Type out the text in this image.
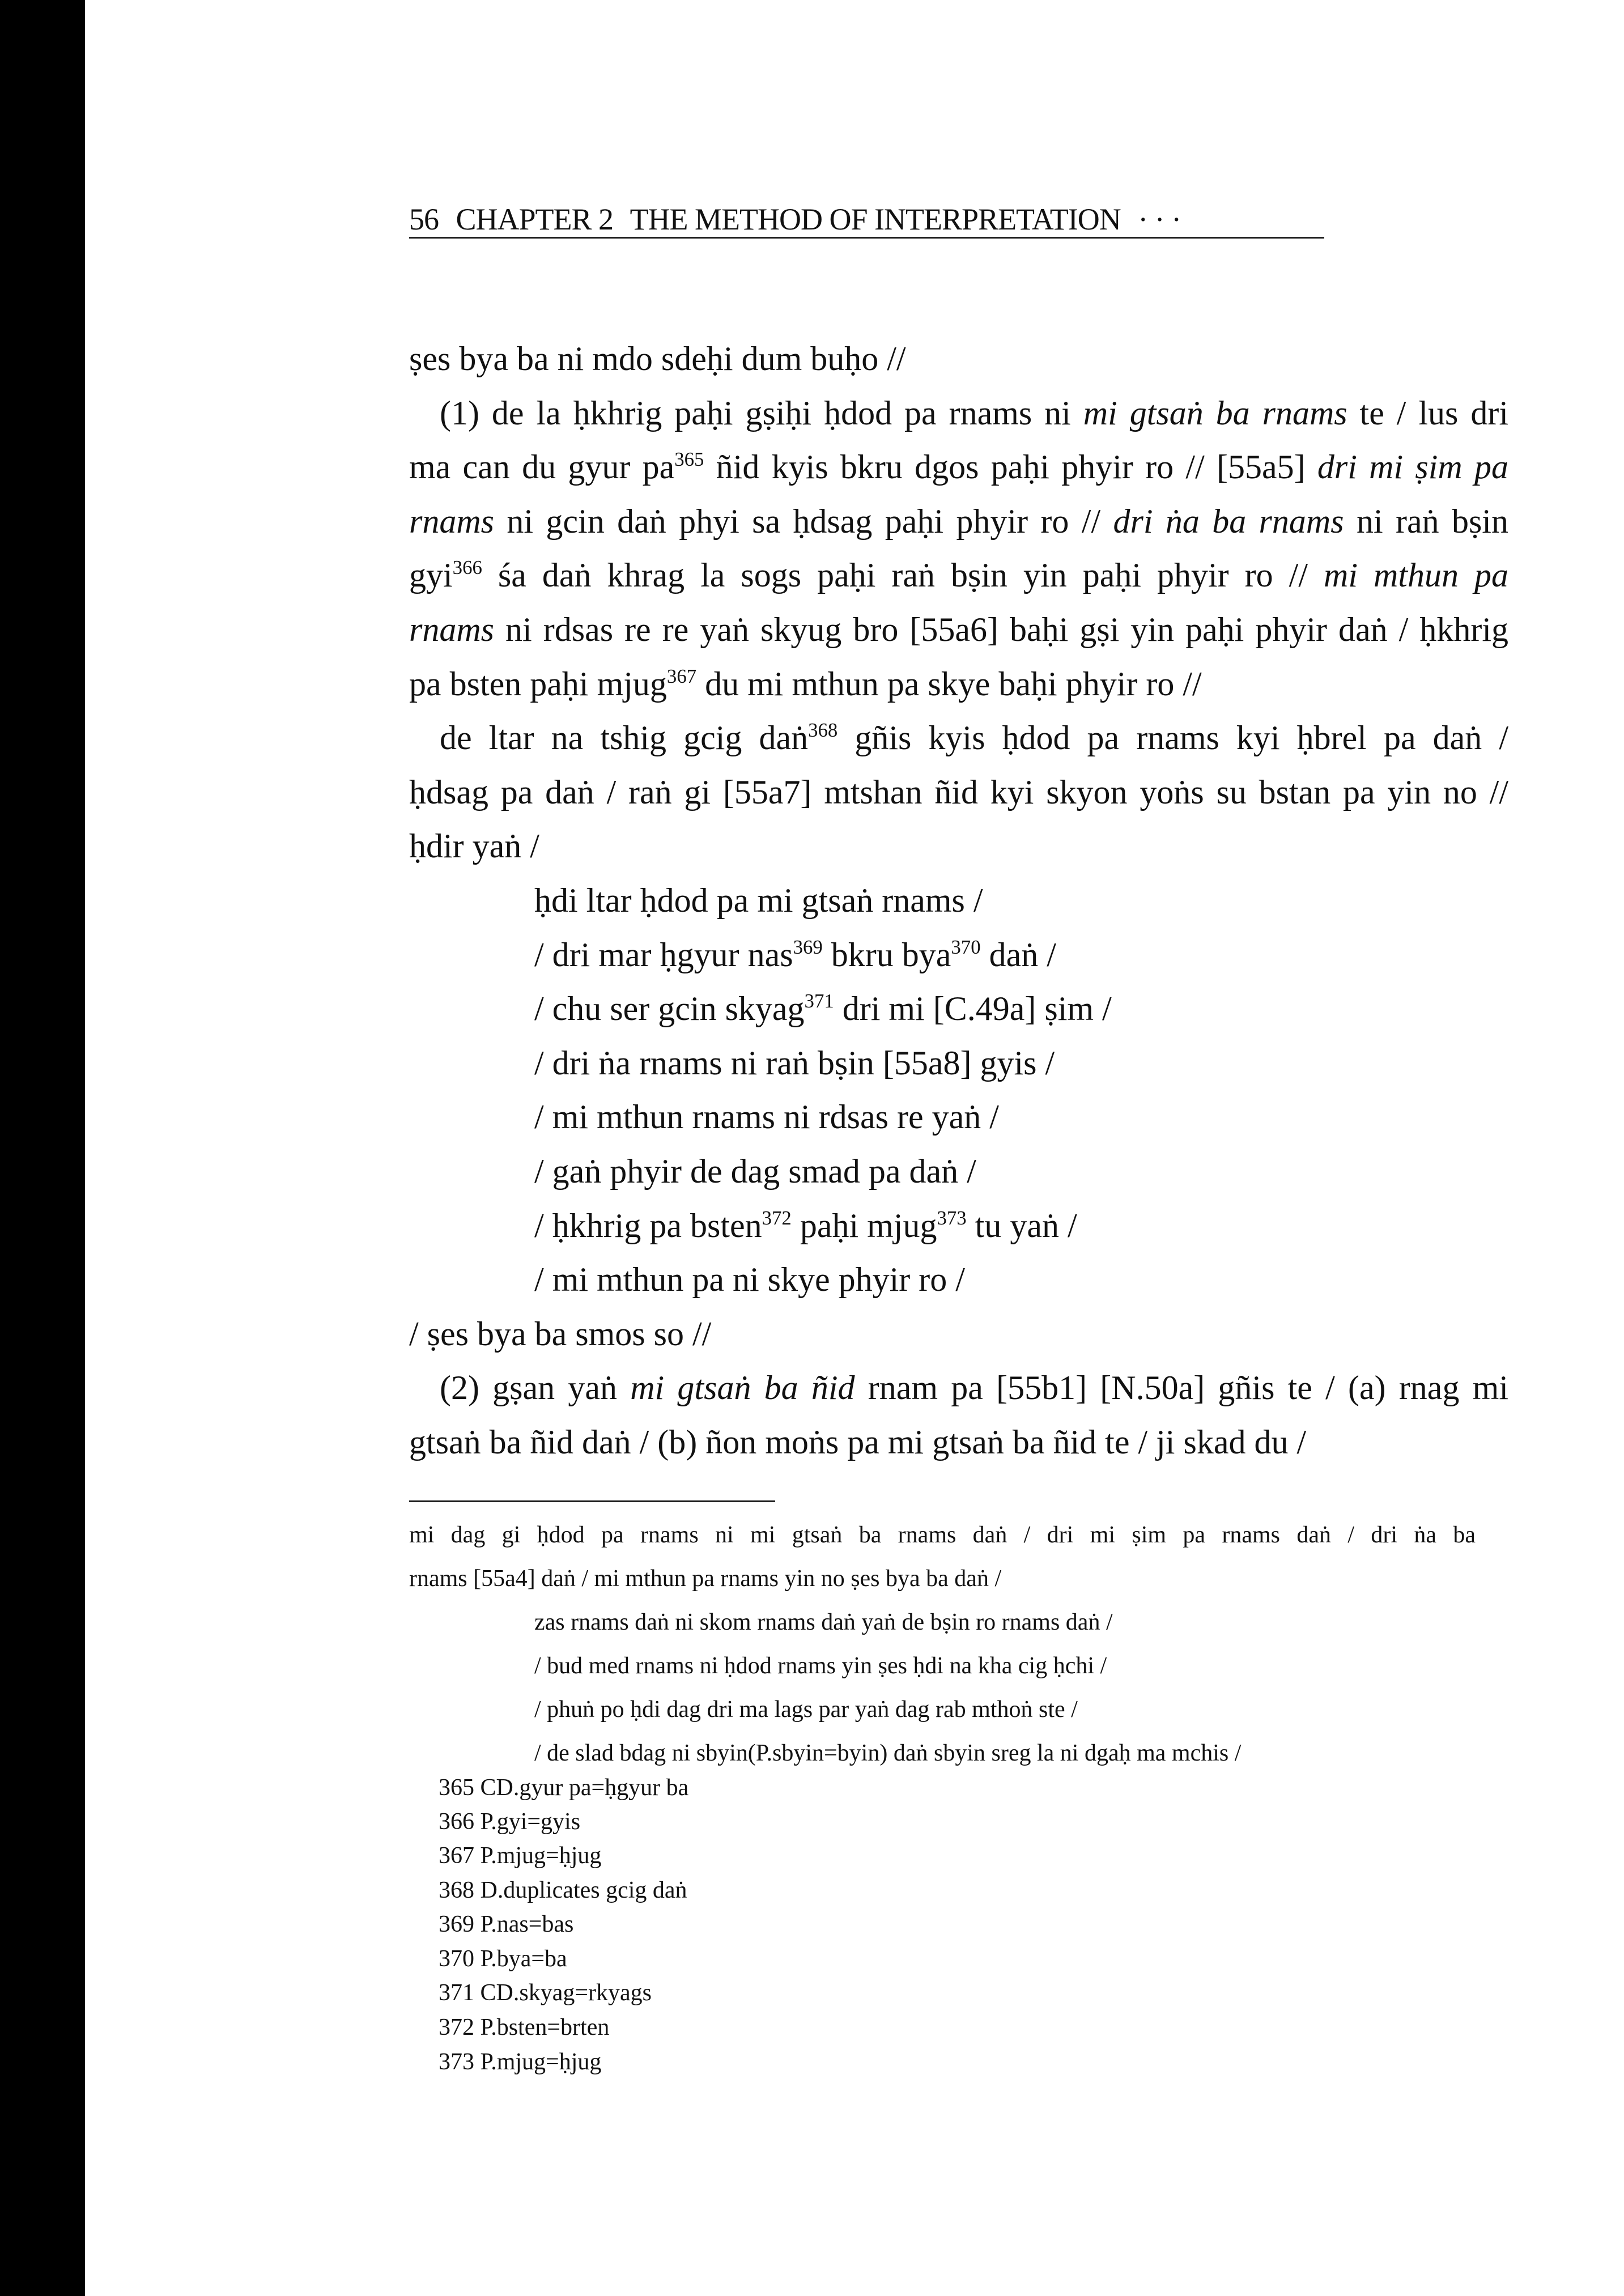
56 CHAPTER 2 THE METHOD OF INTERPRETATION · · ·
ṣes bya ba ni mdo sdeḥi dum buḥo //
(1) de la ḥkhrig paḥi gṣiḥi ḥdod pa rnams ni mi gtsaṅ ba rnams te / lus dri
ma can du gyur $pa^{365}$ ñid kyis bkru dgos paḥi phyir ro // [55a5] dri mi ṣim pa
rnams ni gcin daṅ phyi sa ḥdsag paḥi phyir ro // dri ṅa ba rnams ni raṅ bṣin
gyi$^{366}$ śa daṅ khrag la sogs paḥi raṅ bṣin yin paḥi phyir ro // mi mthun pa
rnams ni rdsas re re yaṅ skyug bro [55a6] baḥi gṣi yin paḥi phyir daṅ / ḥkhrig
pa bsten paḥi mjug$^{367}$ du mi mthun pa skye baḥi phyir ro //
de ltar na tshig gcig daṅ$^{368}$ gñis kyis ḥdod pa rnams kyi ḥbrel pa daṅ /
ḥdsag pa daṅ / raṅ gi [55a7] mtshan ñid kyi skyon yoṅs su bstan pa yin no //
ḥdir yaṅ /
ḥdi ltar ḥdod pa mi gtsaṅ rnams /
/ dri mar ḥgyur nas$^{369}$ bkru bya$^{370}$ daṅ /
/ chu ser gcin skyag$^{371}$ dri mi [C.49a] ṣim /
/ dri ṅa rnams ni raṅ bṣin [55a8] gyis /
/ mi mthun rnams ni rdsas re yaṅ /
/ gaṅ phyir de dag smad pa daṅ /
/ ḥkhrig pa bsten$^{372}$ paḥi mjug$^{373}$ tu yaṅ /
/ mi mthun pa ni skye phyir ro /
/ ṣes bya ba smos so //
(2) gṣan yaṅ mi gtsaṅ ba ñid rnam pa [55b1] [N.50a] gñis te / (a) rnag mi
gtsaṅ ba ñid daṅ / (b) ñon moṅs pa mi gtsaṅ ba ñid te / ji skad du /
mi dag gi ḥdod pa rnams ni mi gtsaṅ ba rnams daṅ / dri mi ṣim pa rnams daṅ / dri ṅa ba
rnams [55a4] daṅ / mi mthun pa rnams yin no ṣes bya ba daṅ /
zas rnams daṅ ni skom rnams daṅ yaṅ de bṣin ro rnams daṅ /
/ bud med rnams ni ḥdod rnams yin ṣes ḥdi na kha cig ḥchi /
/ phuṅ po ḥdi dag dri ma lags par yaṅ dag rab mthoṅ ste /
/ de slad bdag ni sbyin(P.sbyin=byin) daṅ sbyin sreg la ni dgaḥ ma mchis /
365 CD.gyur pa=ḥgyur ba
366 P.gyi=gyis
367 P.mjug=ḥjug
368 D.duplicates gcig daṅ
369 P.nas=bas
370 P.bya=ba
371 CD.skyag=rkyags
372 P.bsten=brten
373 P.mjug=ḥjug
